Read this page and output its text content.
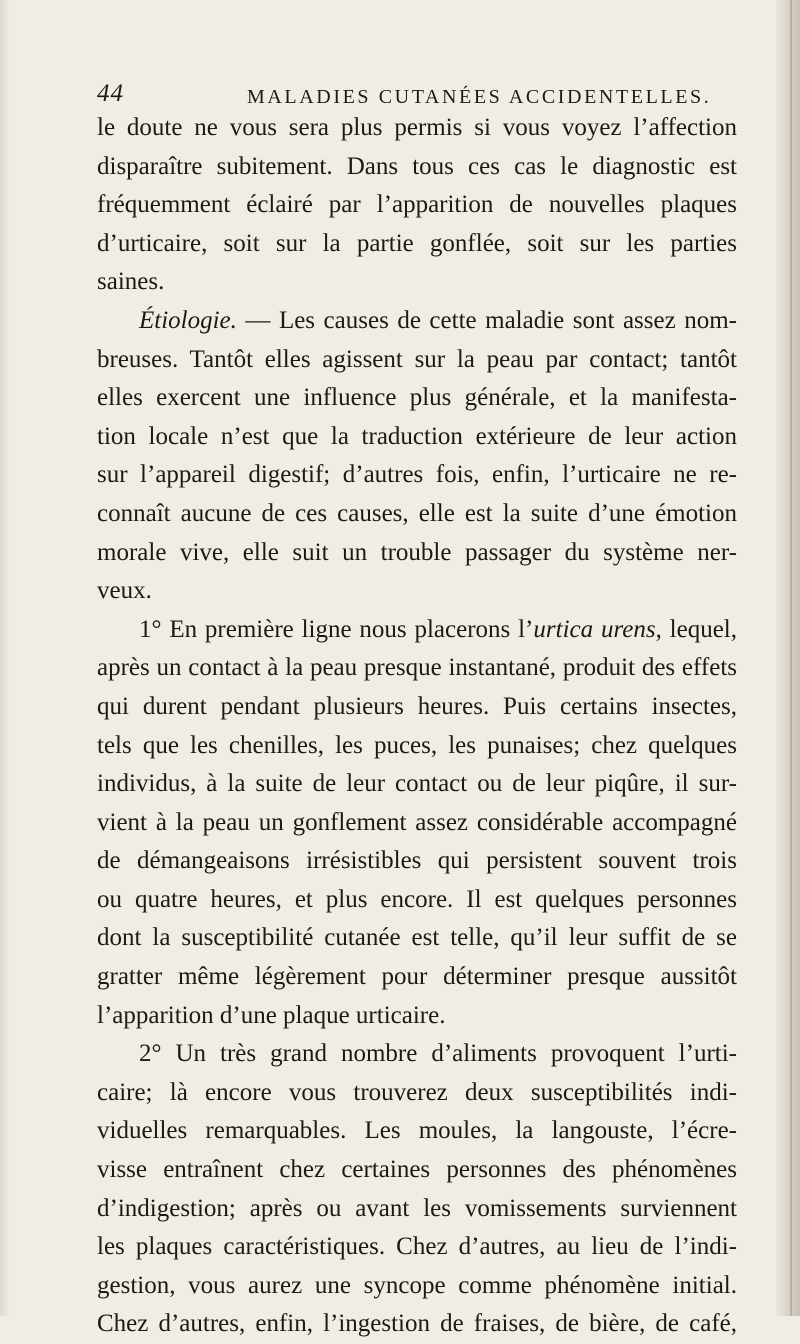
44	MALADIES CUTANÉES ACCIDENTELLES.
le doute ne vous sera plus permis si vous voyez l’affection
disparaître subitement. Dans tous ces cas le diagnostic est
fréquemment éclairé par l’apparition de nouvelles plaques
d’urticaire, soit sur la partie gonflée, soit sur les parties
saines.
Étiologie. — Les causes de cette maladie sont assez nom-
breuses. Tantôt elles agissent sur la peau par contact; tantôt
elles exercent une influence plus générale, et la manifesta-
tion locale n’est que la traduction extérieure de leur action
sur l’appareil digestif; d’autres fois, enfin, l’urticaire ne re-
connaît aucune de ces causes, elle est la suite d’une émotion
morale vive, elle suit un trouble passager du système ner-
veux.
1° En première ligne nous placerons l’urtica urens, lequel,
après un contact à la peau presque instantané, produit des effets
qui durent pendant plusieurs heures. Puis certains insectes,
tels que les chenilles, les puces, les punaises; chez quelques
individus, à la suite de leur contact ou de leur piqûre, il sur-
vient à la peau un gonflement assez considérable accompagné
de démangeaisons irrésistibles qui persistent souvent trois
ou quatre heures, et plus encore. Il est quelques personnes
dont la susceptibilité cutanée est telle, qu’il leur suffit de se
gratter même légèrement pour déterminer presque aussitôt
l’apparition d’une plaque urticaire.
2° Un très grand nombre d’aliments provoquent l’urti-
caire; là encore vous trouverez deux susceptibilités indi-
viduelles remarquables. Les moules, la langouste, l’écre-
visse entraînent chez certaines personnes des phénomènes
d’indigestion; après ou avant les vomissements surviennent
les plaques caractéristiques. Chez d’autres, au lieu de l’indi-
gestion, vous aurez une syncope comme phénomène initial.
Chez d’autres, enfin, l’ingestion de fraises, de bière, de café,
